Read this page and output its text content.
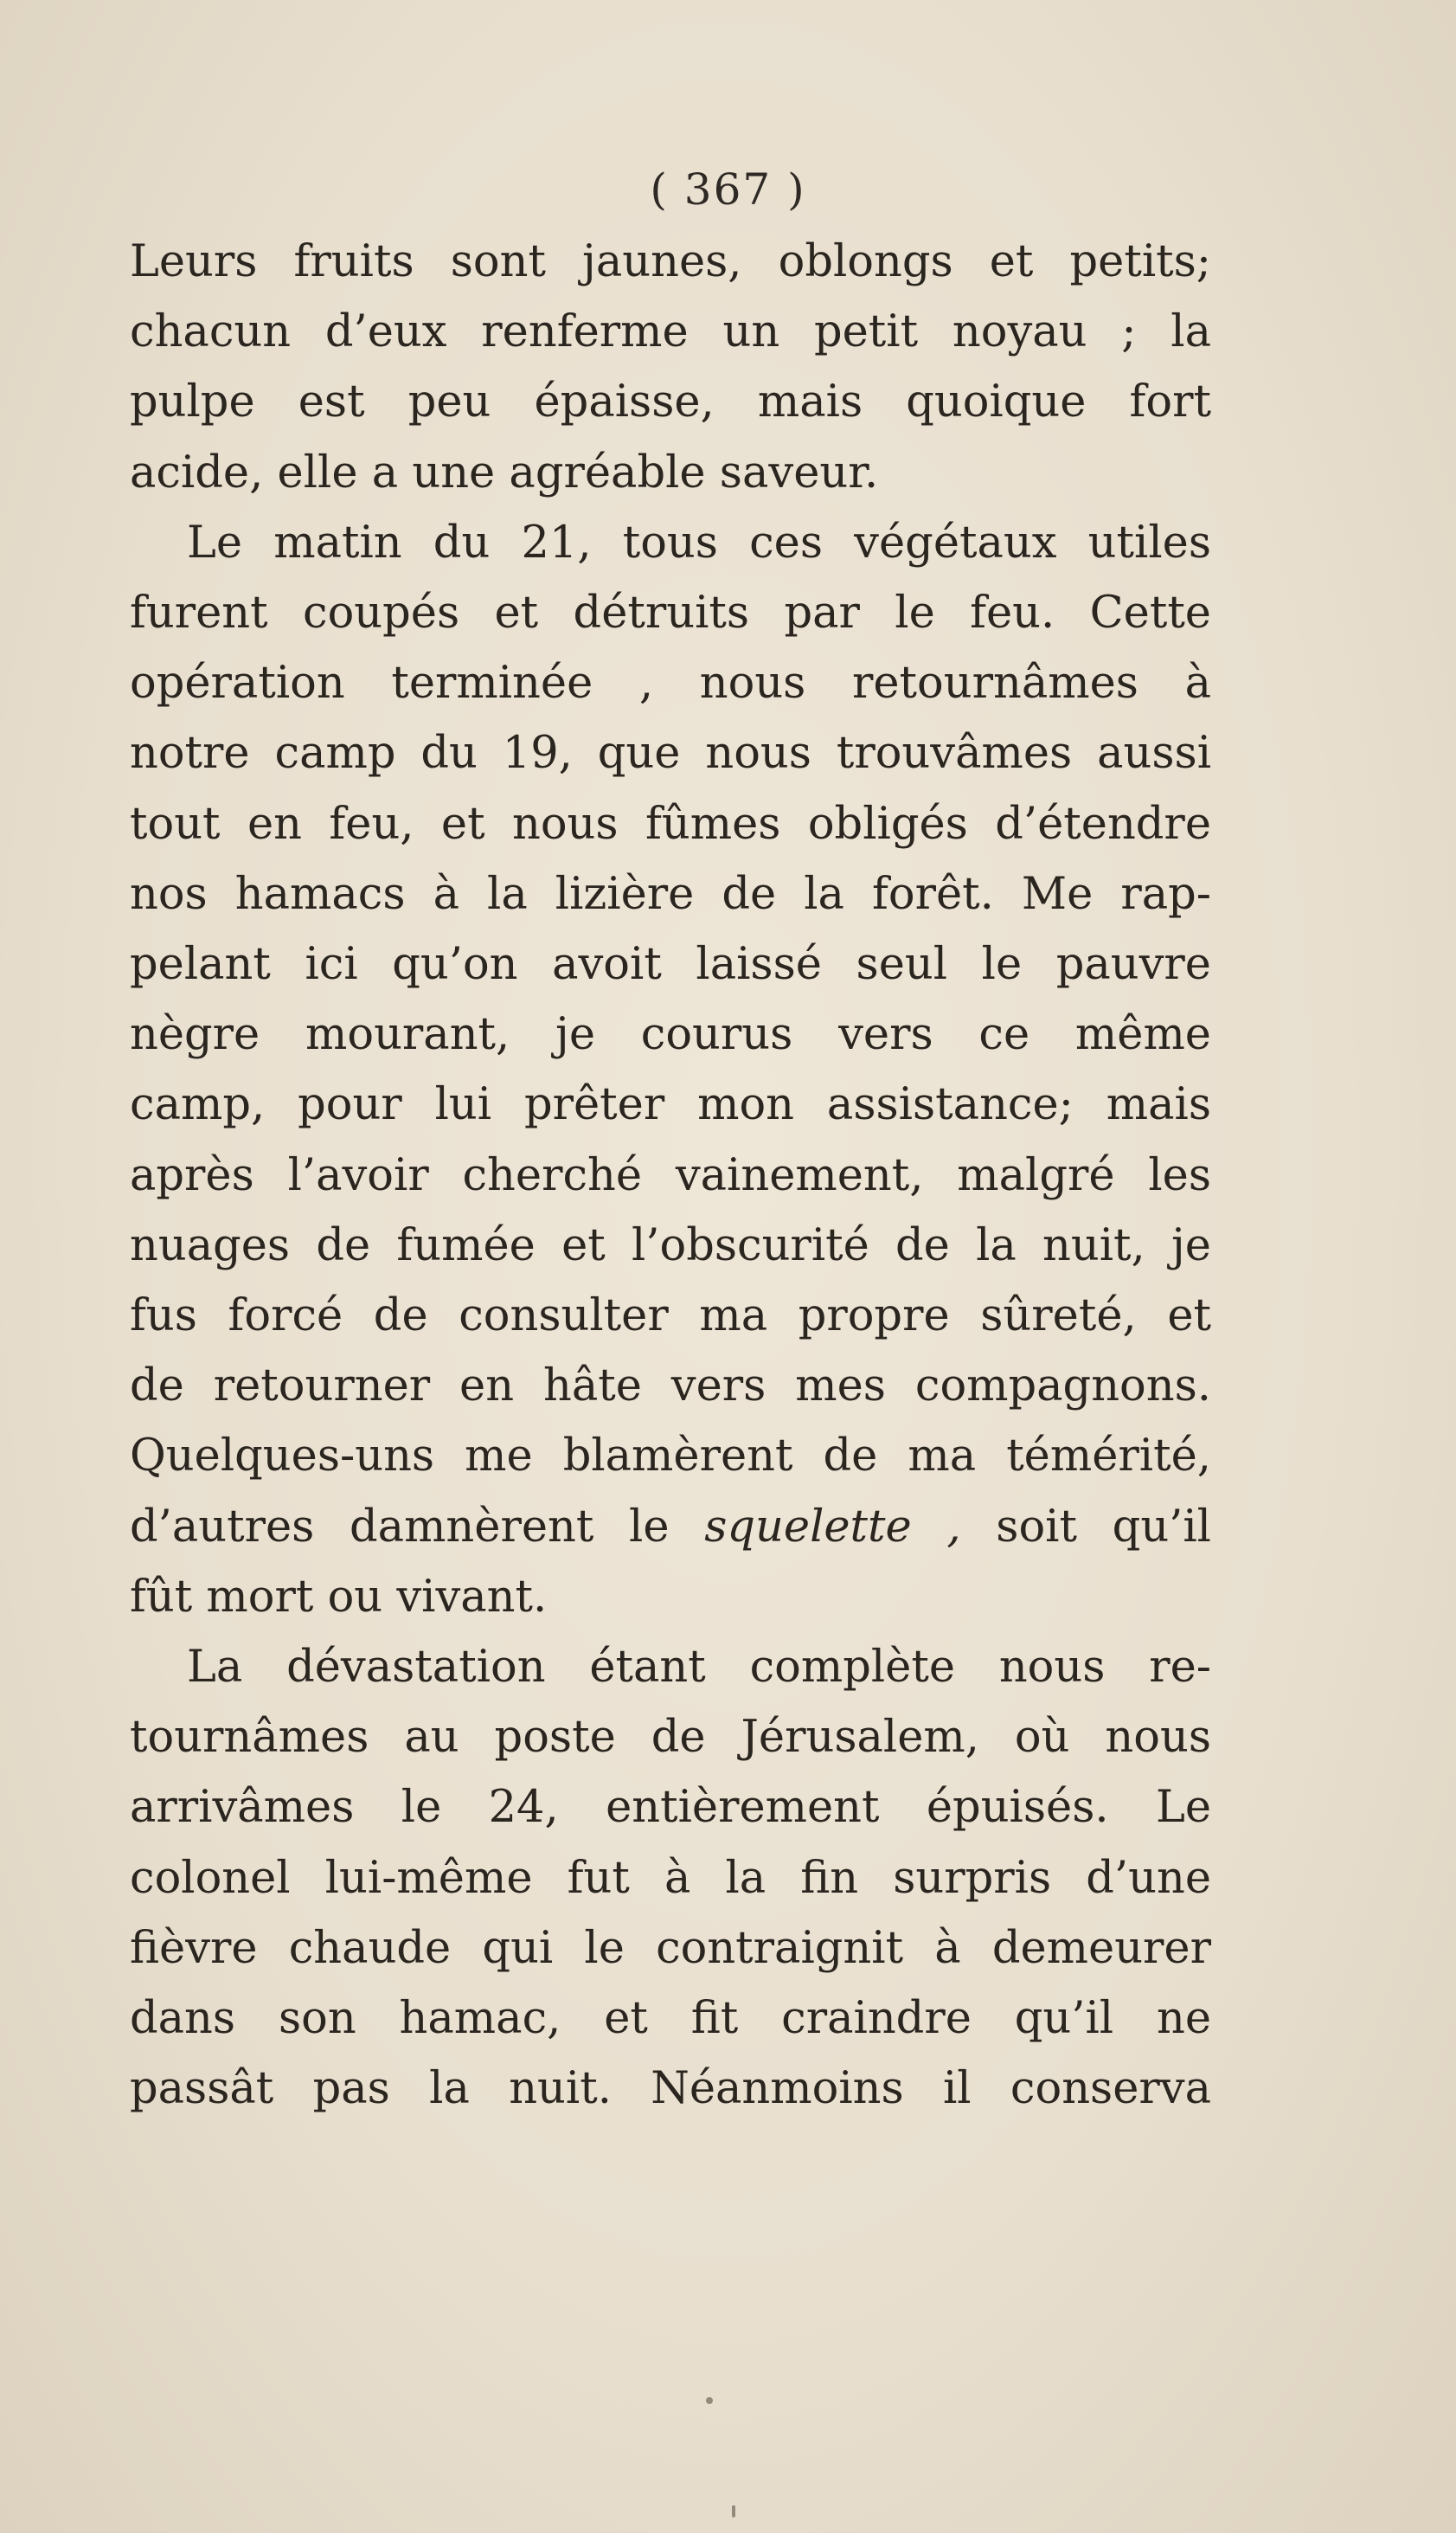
( 367 )
Leurs fruits sont jaunes, oblongs et petits;
chacun d’eux renferme un petit noyau ; la
pulpe est peu épaisse, mais quoique fort
acide, elle a une agréable saveur.
Le matin du 21, tous ces végétaux utiles
furent coupés et détruits par le feu. Cette
opération terminée , nous retournâmes à
notre camp du 19, que nous trouvâmes aussi
tout en feu, et nous fûmes obligés d’étendre
nos hamacs à la lizière de la forêt. Me rap-
pelant ici qu’on avoit laissé seul le pauvre
nègre mourant, je courus vers ce même
camp, pour lui prêter mon assistance; mais
après l’avoir cherché vainement, malgré les
nuages de fumée et l’obscurité de la nuit, je
fus forcé de consulter ma propre sûreté, et
de retourner en hâte vers mes compagnons.
Quelques-uns me blamèrent de ma témérité,
d’autres damnèrent le squelette , soit qu’il
fût mort ou vivant.
La dévastation étant complète nous re-
tournâmes au poste de Jérusalem, où nous
arrivâmes le 24, entièrement épuisés. Le
colonel lui-même fut à la fin surpris d’une
fièvre chaude qui le contraignit à demeurer
dans son hamac, et fit craindre qu’il ne
passât pas la nuit. Néanmoins il conserva
